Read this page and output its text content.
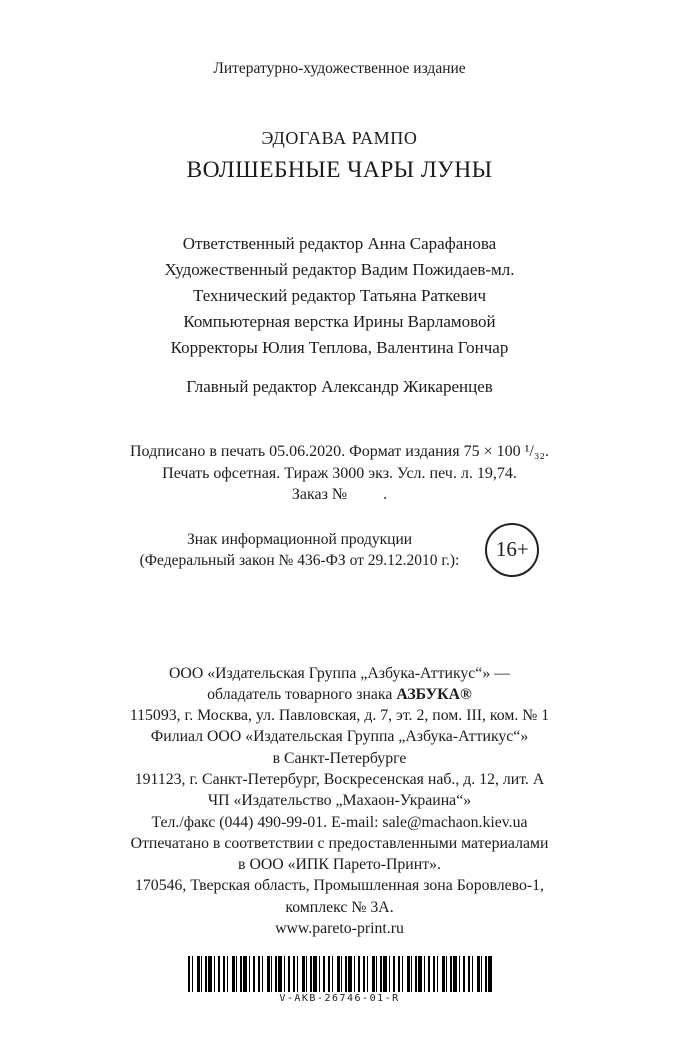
Литературно-художественное издание
ЭДОГАВА РАМПО
ВОЛШЕБНЫЕ ЧАРЫ ЛУНЫ
Ответственный редактор Анна Сарафанова
Художественный редактор Вадим Пожидаев-мл.
Технический редактор Татьяна Раткевич
Компьютерная верстка Ирины Варламовой
Корректоры Юлия Теплова, Валентина Гончар
Главный редактор Александр Жикаренцев
Подписано в печать 05.06.2020. Формат издания 75 × 100 ¹/₃₂.
Печать офсетная. Тираж 3000 экз. Усл. печ. л. 19,74.
Заказ №         .
Знак информационной продукции
(Федеральный закон № 436-ФЗ от 29.12.2010 г.):	16+
ООО «Издательская Группа „Азбука-Аттикус“» —
обладатель товарного знака АЗБУКА®
115093, г. Москва, ул. Павловская, д. 7, эт. 2, пом. III, ком. № 1
Филиал ООО «Издательская Группа „Азбука-Аттикус“»
в Санкт-Петербурге
191123, г. Санкт-Петербург, Воскресенская наб., д. 12, лит. А
ЧП «Издательство „Махаон-Украина“»
Тел./факс (044) 490-99-01. E-mail: sale@machaon.kiev.ua
Отпечатано в соответствии с предоставленными материалами
в ООО «ИПК Парето-Принт».
170546, Тверская область, Промышленная зона Боровлево-1,
комплекс № 3А.
www.pareto-print.ru
V-AKB-26746-01-R
